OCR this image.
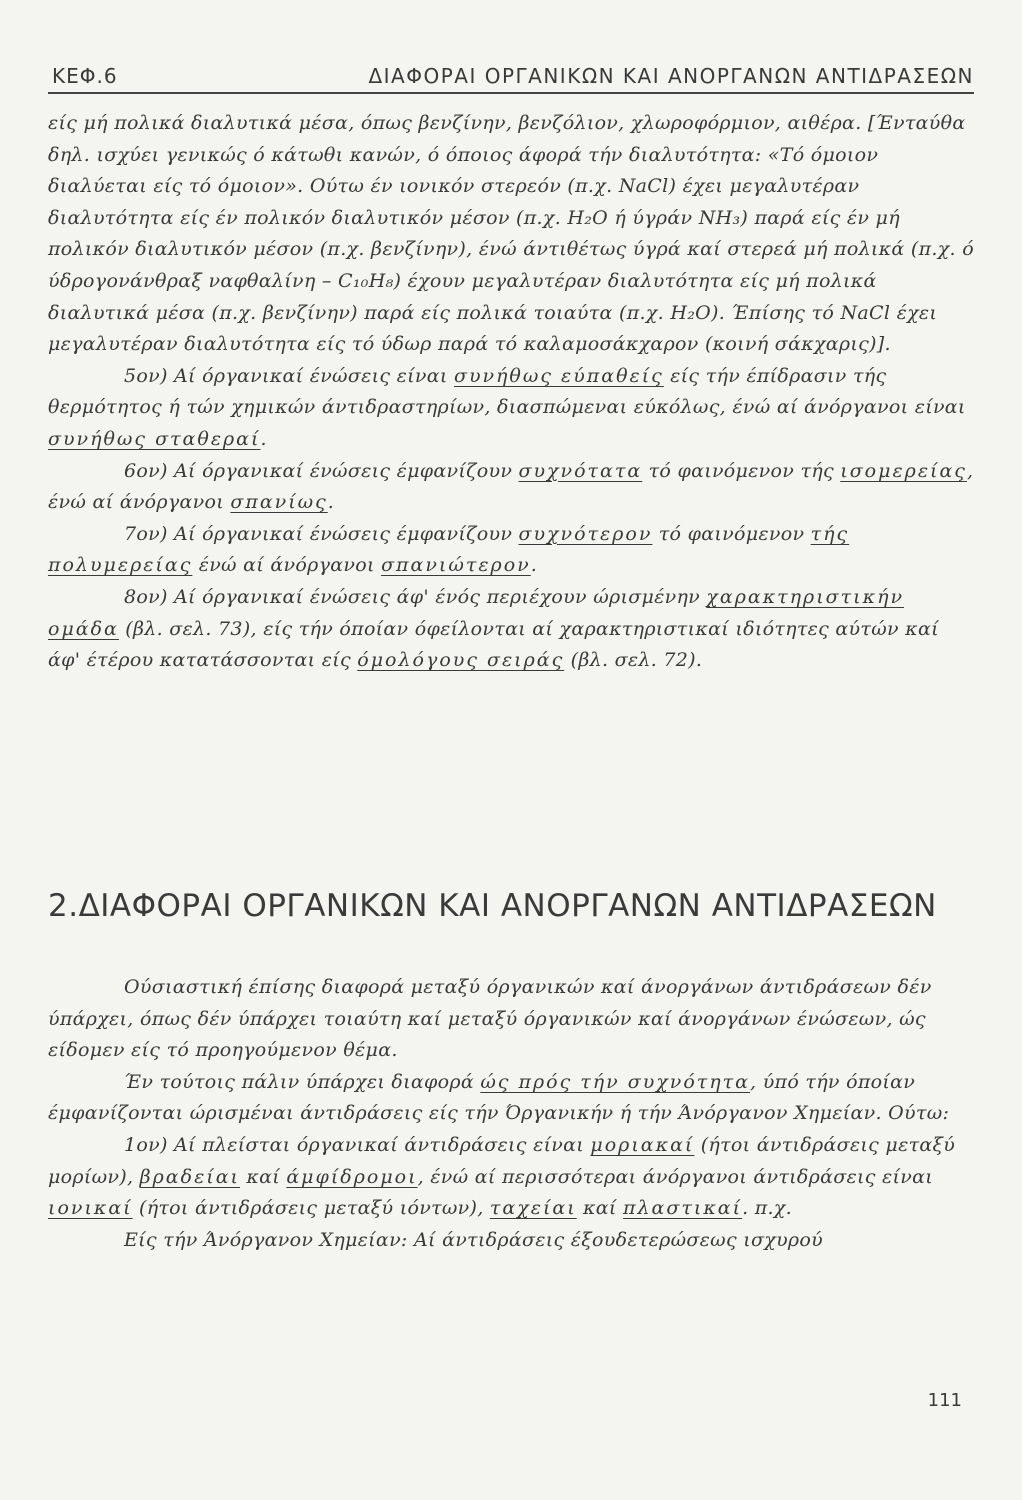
ΚΕΦ.6	ΔΙΑΦΟΡΑΙ ΟΡΓΑΝΙΚΩΝ ΚΑΙ ΑΝΟΡΓΑΝΩΝ ΑΝΤΙΔΡΑΣΕΩΝ

είς μή πολικά διαλυτικά μέσα, όπως βενζίνην, βενζόλιον, χλωροφόρμιον, αιθέρα. [Ένταύθα δηλ. ισχύει γενικώς ό κάτωθι κανών, ό όποιος άφορά τήν διαλυτότητα: «Τό όμοιον διαλύεται είς τό όμοιον». Ούτω έν ιονικόν στερεόν (π.χ. NaCl) έχει μεγαλυτέραν διαλυτότητα είς έν πολικόν διαλυτικόν μέσον (π.χ. H₂O ή ύγράν NH₃) παρά είς έν μή πολικόν διαλυτικόν μέσον (π.χ. βενζίνην), ένώ άντιθέτως ύγρά καί στερεά μή πολικά (π.χ. ό ύδρογονάνθραξ ναφθαλίνη – C₁₀H₈) έχουν μεγαλυτέραν διαλυτότητα είς μή πολικά διαλυτικά μέσα (π.χ. βενζίνην) παρά είς πολικά τοιαύτα (π.χ. H₂O). Έπίσης τό NaCl έχει μεγαλυτέραν διαλυτότητα είς τό ύδωρ παρά τό καλαμοσάκχαρον (κοινή σάκχαρις)].

5ον) Αί όργανικαί ένώσεις είναι συνήθως εύπαθείς είς τήν έπίδρασιν τής θερμότητος ή τών χημικών άντιδραστηρίων, διασπώμεναι εύκόλως, ένώ αί άνόργανοι είναι συνήθως σταθεραί.

6ον) Αί όργανικαί ένώσεις έμφανίζουν συχνότατα τό φαινόμενον τής ισομερείας, ένώ αί άνόργανοι σπανίως.

7ον) Αί όργανικαί ένώσεις έμφανίζουν συχνότερον τό φαινόμενον τής πολυμερείας ένώ αί άνόργανοι σπανιώτερον.

8ον) Αί όργανικαί ένώσεις άφ' ένός περιέχουν ώρισμένην χαρακτηριστικήν ομάδα (βλ. σελ. 73), είς τήν όποίαν όφείλονται αί χαρακτηριστικαί ιδιότητες αύτών καί άφ' έτέρου κατατάσσονται είς όμολόγους σειράς (βλ. σελ. 72).

2.ΔΙΑΦΟΡΑΙ ΟΡΓΑΝΙΚΩΝ ΚΑΙ ΑΝΟΡΓΑΝΩΝ ΑΝΤΙΔΡΑΣΕΩΝ

Ούσιαστική έπίσης διαφορά μεταξύ όργανικών καί άνοργάνων άντιδράσεων δέν ύπάρχει, όπως δέν ύπάρχει τοιαύτη καί μεταξύ όργανικών καί άνοργάνων ένώσεων, ώς είδομεν είς τό προηγούμενον θέμα.

Έν τούτοις πάλιν ύπάρχει διαφορά ώς πρός τήν συχνότητα, ύπό τήν όποίαν έμφανίζονται ώρισμέναι άντιδράσεις είς τήν Όργανικήν ή τήν Άνόργανον Χημείαν. Ούτω:

1ον) Αί πλείσται όργανικαί άντιδράσεις είναι μοριακαί (ήτοι άντιδράσεις μεταξύ μορίων), βραδείαι καί άμφίδρομοι, ένώ αί περισσότεραι άνόργανοι άντιδράσεις είναι ιονικαί (ήτοι άντιδράσεις μεταξύ ιόντων), ταχείαι καί πλαστικαί. π.χ.

Είς τήν Άνόργανον Χημείαν: Αί άντιδράσεις έξουδετερώσεως ισχυρού

111
